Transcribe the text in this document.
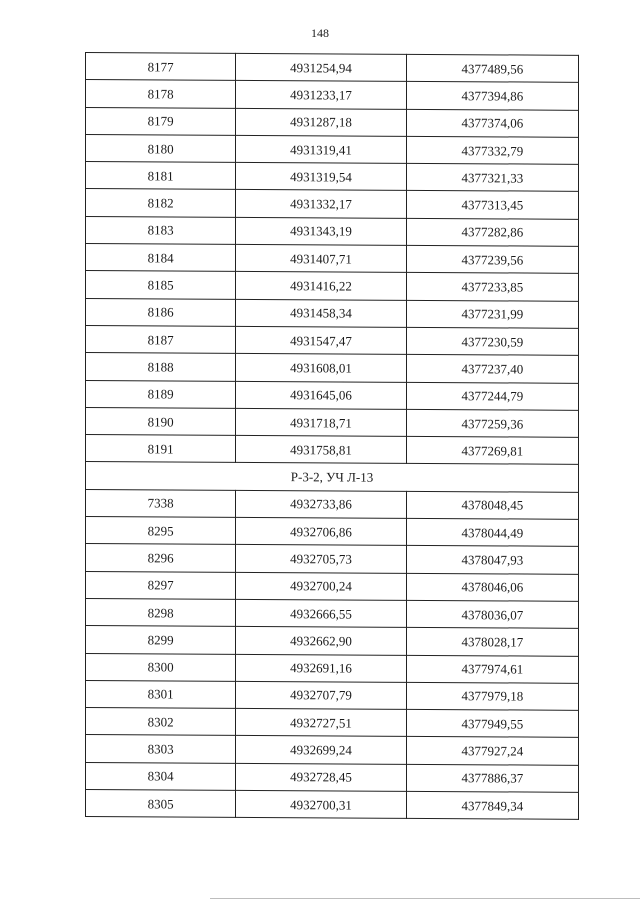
148
8177	4931254,94	4377489,56
8178	4931233,17	4377394,86
8179	4931287,18	4377374,06
8180	4931319,41	4377332,79
8181	4931319,54	4377321,33
8182	4931332,17	4377313,45
8183	4931343,19	4377282,86
8184	4931407,71	4377239,56
8185	4931416,22	4377233,85
8186	4931458,34	4377231,99
8187	4931547,47	4377230,59
8188	4931608,01	4377237,40
8189	4931645,06	4377244,79
8190	4931718,71	4377259,36
8191	4931758,81	4377269,81
Р-3-2, УЧ Л-13		
7338	4932733,86	4378048,45
8295	4932706,86	4378044,49
8296	4932705,73	4378047,93
8297	4932700,24	4378046,06
8298	4932666,55	4378036,07
8299	4932662,90	4378028,17
8300	4932691,16	4377974,61
8301	4932707,79	4377979,18
8302	4932727,51	4377949,55
8303	4932699,24	4377927,24
8304	4932728,45	4377886,37
8305	4932700,31	4377849,34
